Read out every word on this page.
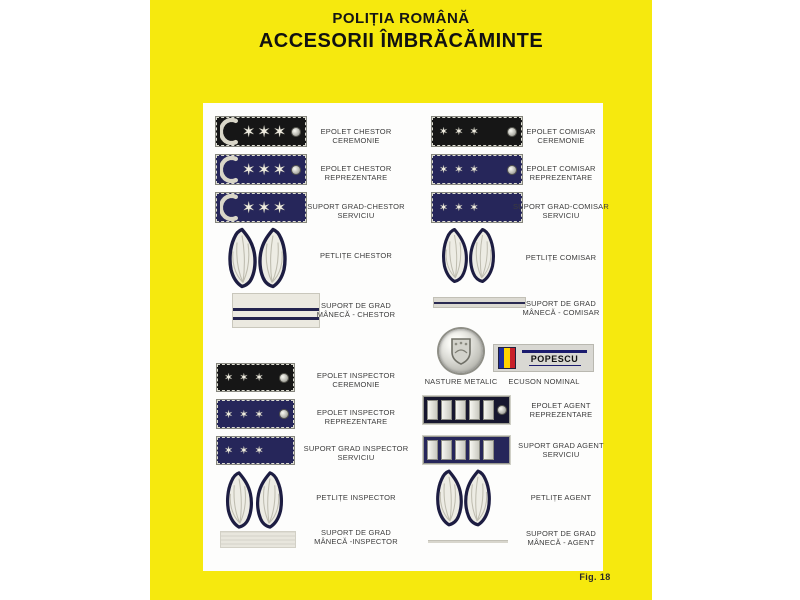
POLIȚIA ROMÂNĂ
ACCESORII ÎMBRĂCĂMINTE
✶ ✶ ✶
✶ ✶ ✶
✶ ✶ ✶
✶ ✶ ✶
✶ ✶ ✶
✶ ✶ ✶
EPOLET CHESTOR
CEREMONIE
EPOLET CHESTOR
REPREZENTARE
SUPORT GRAD-CHESTOR
SERVICIU
PETLIȚE CHESTOR
SUPORT DE GRAD
MÂNECĂ - CHESTOR
EPOLET INSPECTOR
CEREMONIE
EPOLET INSPECTOR
REPREZENTARE
SUPORT GRAD INSPECTOR
SERVICIU
PETLIȚE INSPECTOR
SUPORT DE GRAD
MÂNECĂ -INSPECTOR
✶ ✶ ✶
✶ ✶ ✶
✶ ✶ ✶
POPESCU
EPOLET COMISAR
CEREMONIE
EPOLET COMISAR
REPREZENTARE
SUPORT GRAD-COMISAR
SERVICIU
PETLIȚE COMISAR
SUPORT DE GRAD
MÂNECĂ - COMISAR
NASTURE METALIC	ECUSON NOMINAL
EPOLET AGENT
REPREZENTARE
SUPORT GRAD AGENT
SERVICIU
PETLIȚE AGENT
SUPORT DE GRAD
MÂNECĂ - AGENT
Fig. 18
